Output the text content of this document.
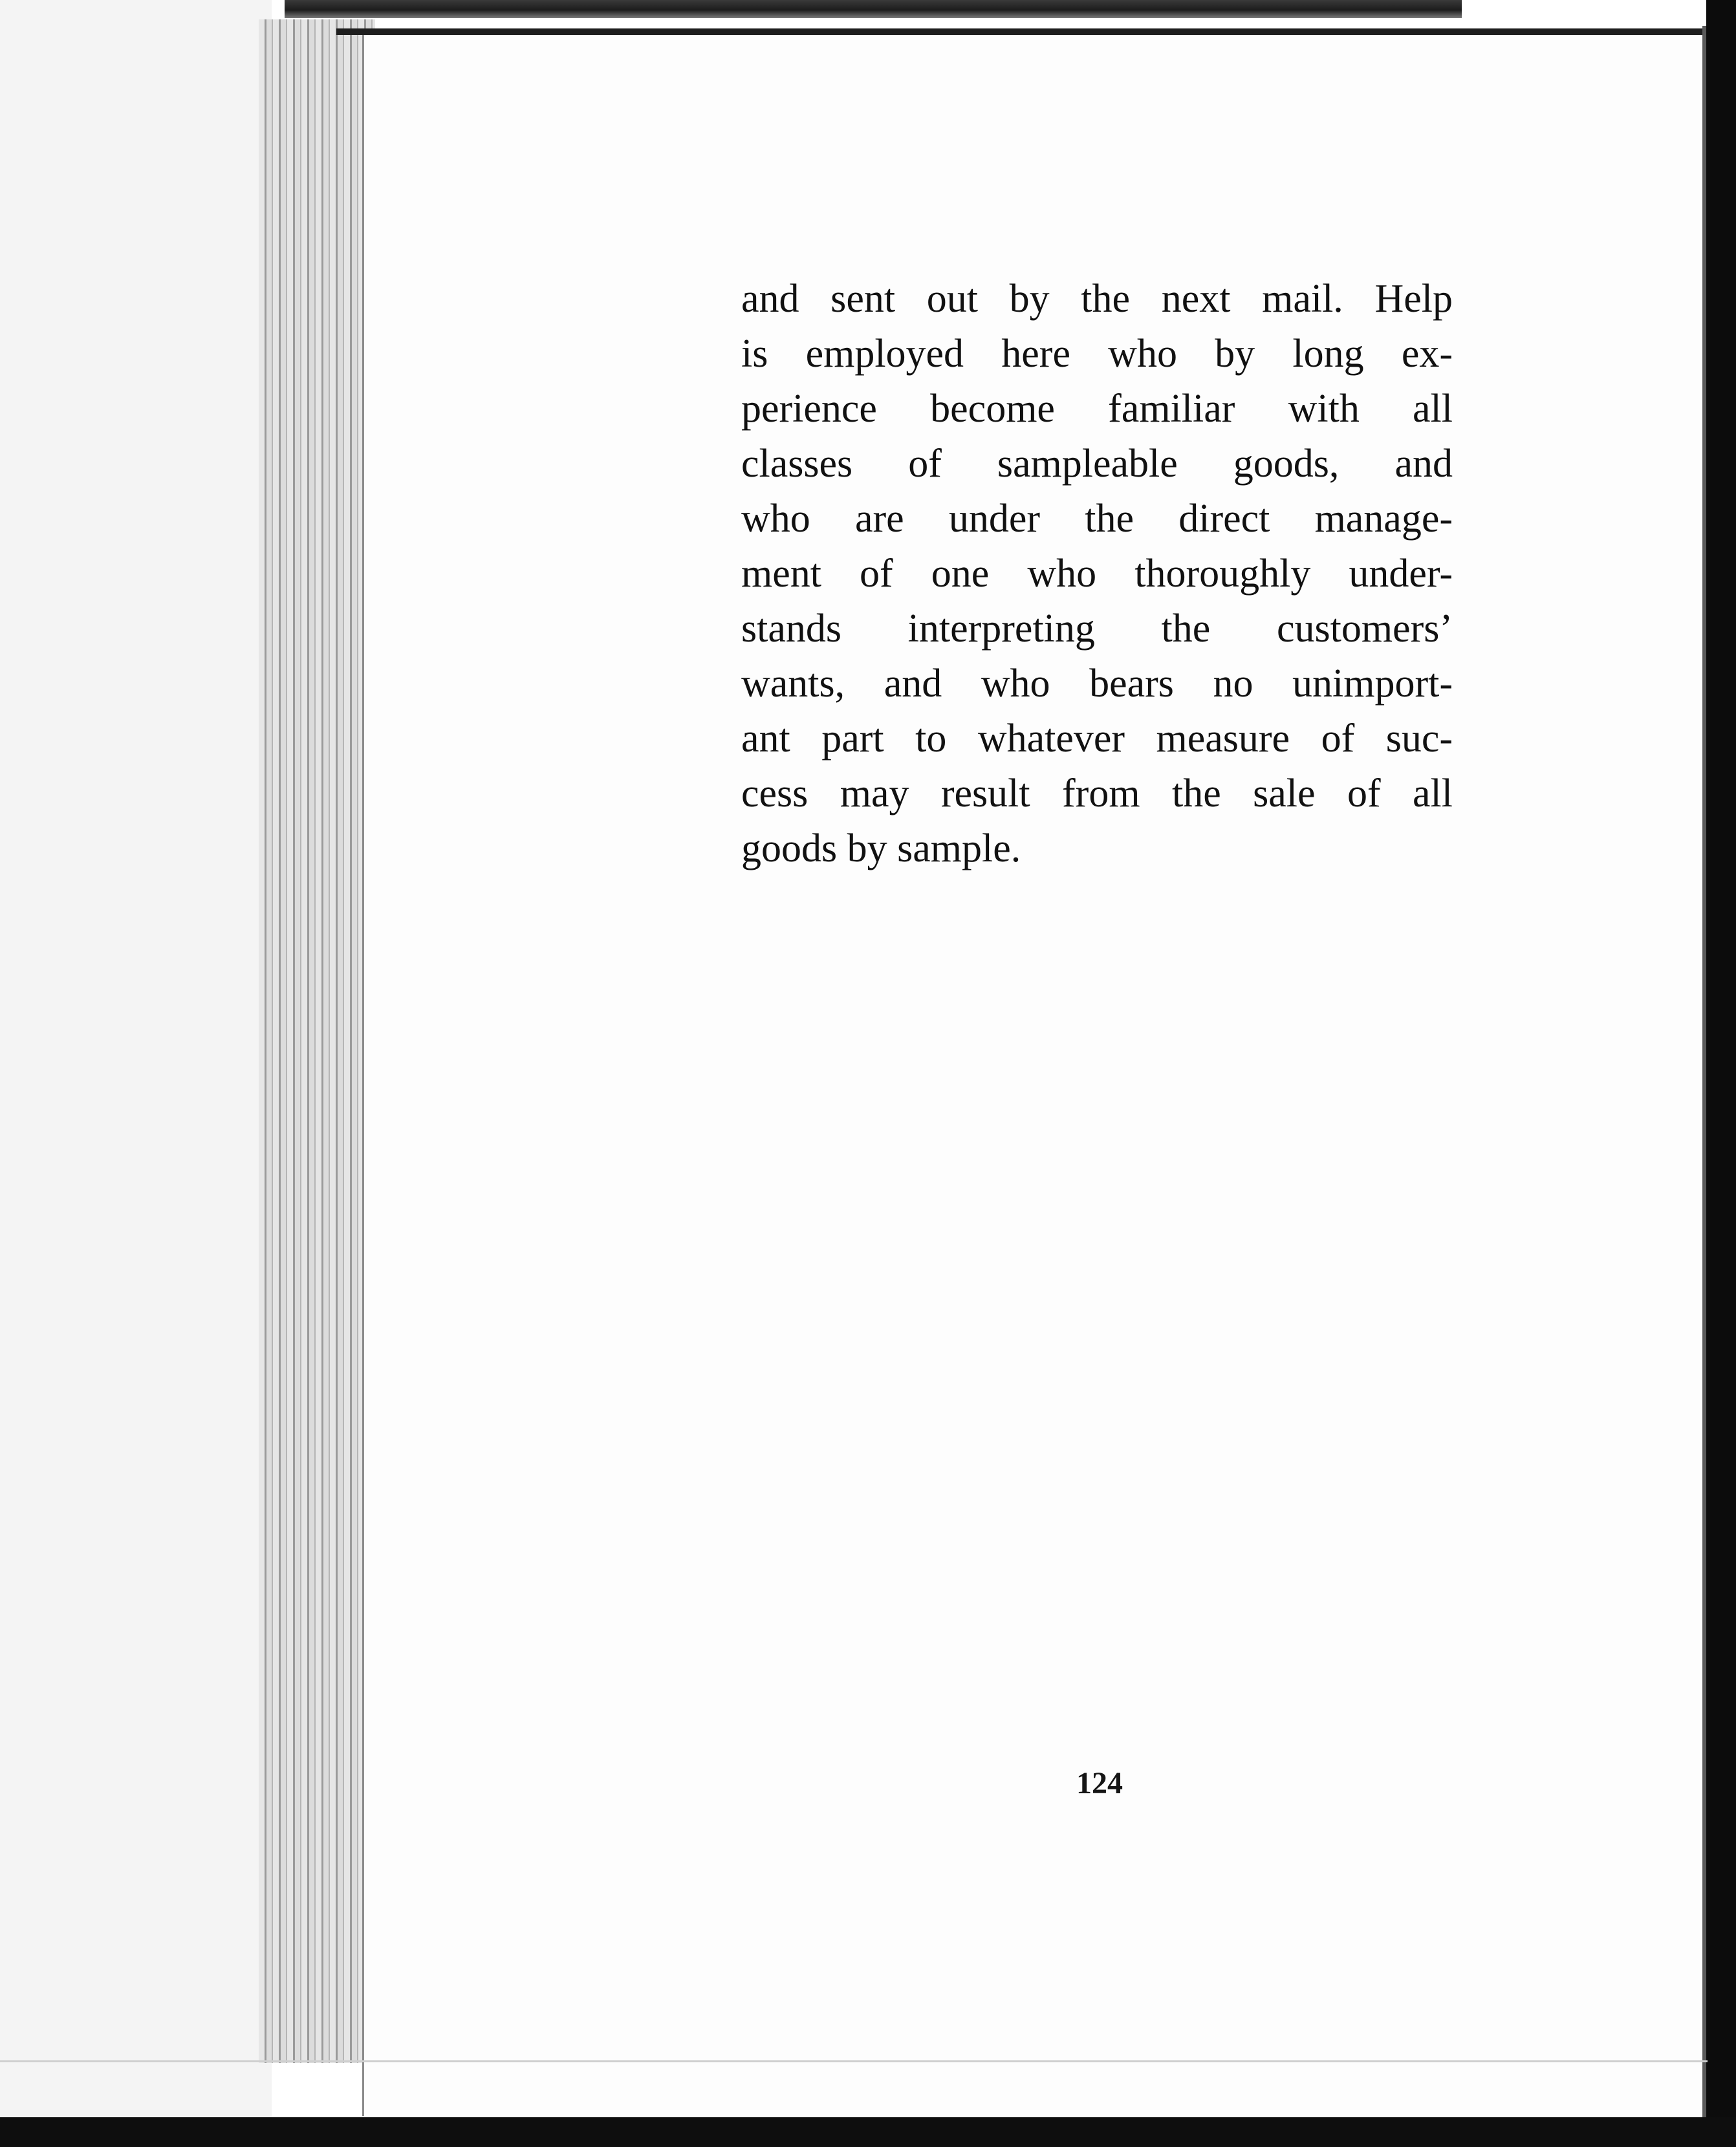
and sent out by the next mail. Help
is employed here who by long ex-
perience become familiar with all
classes of sampleable goods, and
who are under the direct manage-
ment of one who thoroughly under-
stands interpreting the customers’
wants, and who bears no unimport-
ant part to whatever measure of suc-
cess may result from the sale of all
goods by sample.
124
